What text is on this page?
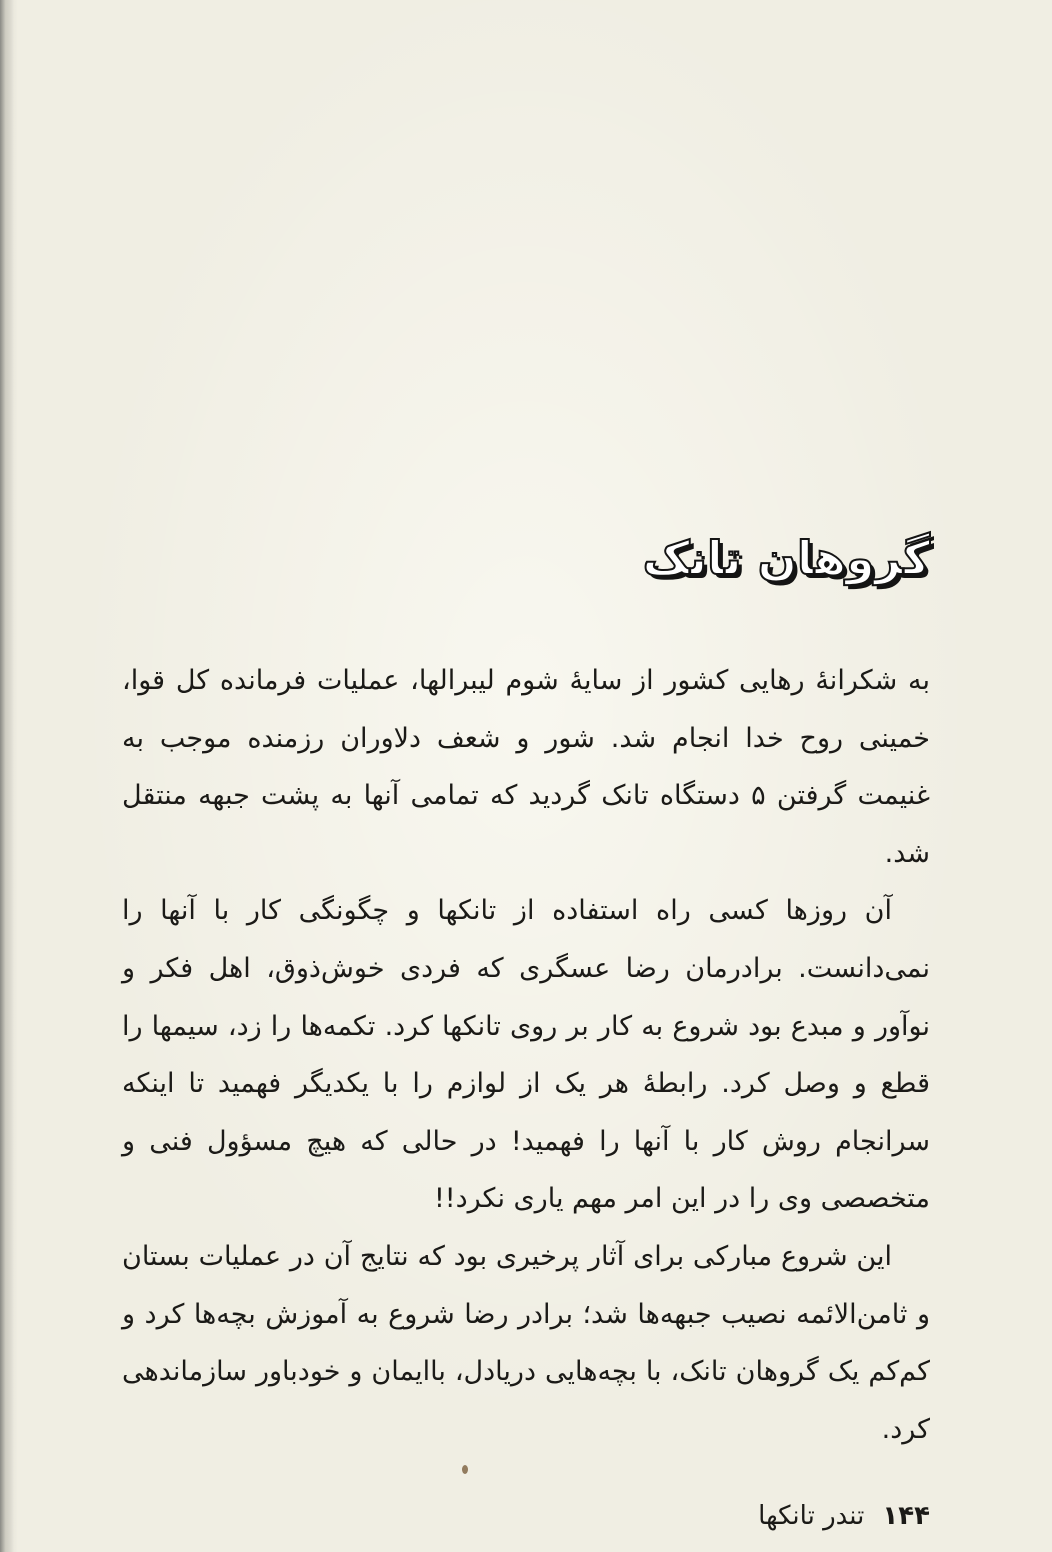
گروهان تانک

به شکرانهٔ رهایی کشور از سایهٔ شوم لیبرالها، عملیات فرمانده کل قوا، خمینی روح خدا انجام شد. شور و شعف دلاوران رزمنده موجب به غنیمت گرفتن ۵ دستگاه تانک گردید که تمامی آنها به پشت جبهه منتقل شد.

آن روزها کسی راه استفاده از تانکها و چگونگی کار با آنها را نمی‌دانست. برادرمان رضا عسگری که فردی خوش‌ذوق، اهل فکر و نوآور و مبدع بود شروع به کار بر روی تانکها کرد. تکمه‌ها را زد، سیمها را قطع و وصل کرد. رابطهٔ هر یک از لوازم را با یکدیگر فهمید تا اینکه سرانجام روش کار با آنها را فهمید! در حالی که هیچ مسؤول فنی و متخصصی وی را در این امر مهم یاری نکرد!!

این شروع مبارکی برای آثار پرخیری بود که نتایج آن در عملیات بستان و ثامن‌الائمه نصیب جبهه‌ها شد؛ برادر رضا شروع به آموزش بچه‌ها کرد و کم‌کم یک گروهان تانک، با بچه‌هایی دریادل، باایمان و خودباور سازماندهی کرد.

۱۴۴
تندر تانکها
